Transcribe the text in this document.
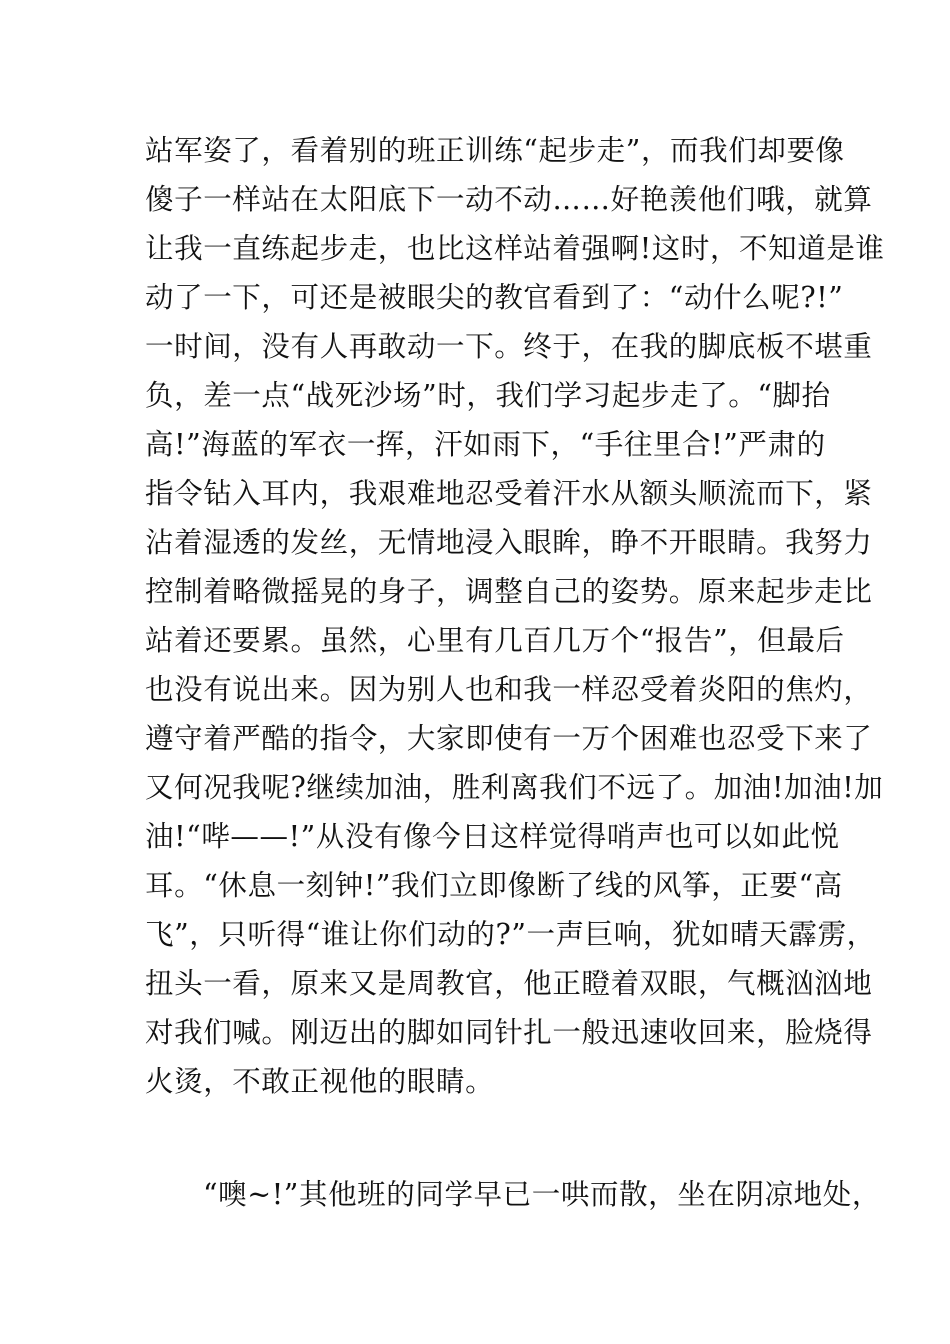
站军姿了，看着别的班正训练“起步走”，而我们却要像
傻子一样站在太阳底下一动不动……好艳羡他们哦，就算
让我一直练起步走，也比这样站着强啊!这时，不知道是谁
动了一下，可还是被眼尖的教官看到了：“动什么呢?!”
一时间，没有人再敢动一下。终于，在我的脚底板不堪重
负，差一点“战死沙场”时，我们学习起步走了。“脚抬
高!”海蓝的军衣一挥，汗如雨下，“手往里合!”严肃的
指令钻入耳内，我艰难地忍受着汗水从额头顺流而下，紧
沾着湿透的发丝，无情地浸入眼眸，睁不开眼睛。我努力
控制着略微摇晃的身子，调整自己的姿势。原来起步走比
站着还要累。虽然，心里有几百几万个“报告”，但最后
也没有说出来。因为别人也和我一样忍受着炎阳的焦灼，
遵守着严酷的指令，大家即使有一万个困难也忍受下来了
又何况我呢?继续加油，胜利离我们不远了。加油!加油!加
油!“哔——!”从没有像今日这样觉得哨声也可以如此悦
耳。“休息一刻钟!”我们立即像断了线的风筝，正要“高
飞”，只听得“谁让你们动的?”一声巨响，犹如晴天霹雳，
扭头一看，原来又是周教官，他正瞪着双眼，气概汹汹地
对我们喊。刚迈出的脚如同针扎一般迅速收回来，脸烧得
火烫，不敢正视他的眼睛。
“噢~!”其他班的同学早已一哄而散，坐在阴凉地处，
